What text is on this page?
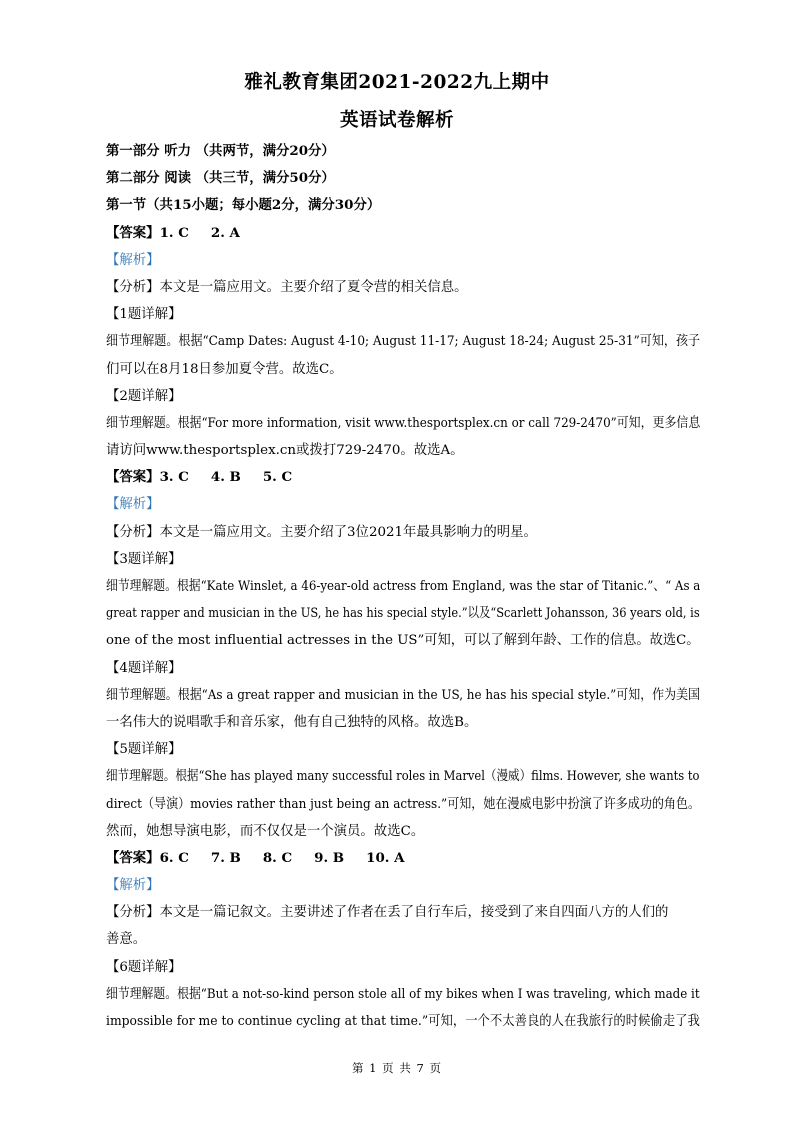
雅礼教育集团2021-2022九上期中
英语试卷解析
第一部分 听力 （共两节，满分20分）
第二部分 阅读 （共三节，满分50分）
第一节（共15小题；每小题2分，满分30分）
【答案】1. C 2. A
【解析】
【分析】本文是一篇应用文。主要介绍了夏令营的相关信息。
【1题详解】
细节理解题。根据“Camp Dates: August 4-10; August 11-17; August 18-24; August 25-31”可知，孩子
们可以在8月18日参加夏令营。故选C。
【2题详解】
细节理解题。根据“For more information, visit www.thesportsplex.cn or call 729-2470”可知，更多信息
请访问www.thesportsplex.cn或拨打729-2470。故选A。
【答案】3. C 4. B 5. C
【解析】
【分析】本文是一篇应用文。主要介绍了3位2021年最具影响力的明星。
【3题详解】
细节理解题。根据“Kate Winslet, a 46-year-old actress from England, was the star of Titanic.”、“ As a
great rapper and musician in the US, he has his special style.”以及“Scarlett Johansson, 36 years old, is
one of the most influential actresses in the US”可知，可以了解到年龄、工作的信息。故选C。
【4题详解】
细节理解题。根据“As a great rapper and musician in the US, he has his special style.”可知，作为美国
一名伟大的说唱歌手和音乐家，他有自己独特的风格。故选B。
【5题详解】
细节理解题。根据“She has played many successful roles in Marvel（漫威）films. However, she wants to
direct（导演）movies rather than just being an actress.”可知，她在漫威电影中扮演了许多成功的角色。
然而，她想导演电影，而不仅仅是一个演员。故选C。
【答案】6. C 7. B 8. C 9. B 10. A
【解析】
【分析】本文是一篇记叙文。主要讲述了作者在丢了自行车后，接受到了来自四面八方的人们的
善意。
【6题详解】
细节理解题。根据“But a not-so-kind person stole all of my bikes when I was traveling, which made it
impossible for me to continue cycling at that time.”可知，一个不太善良的人在我旅行的时候偷走了我
第 1 页 共 7 页
